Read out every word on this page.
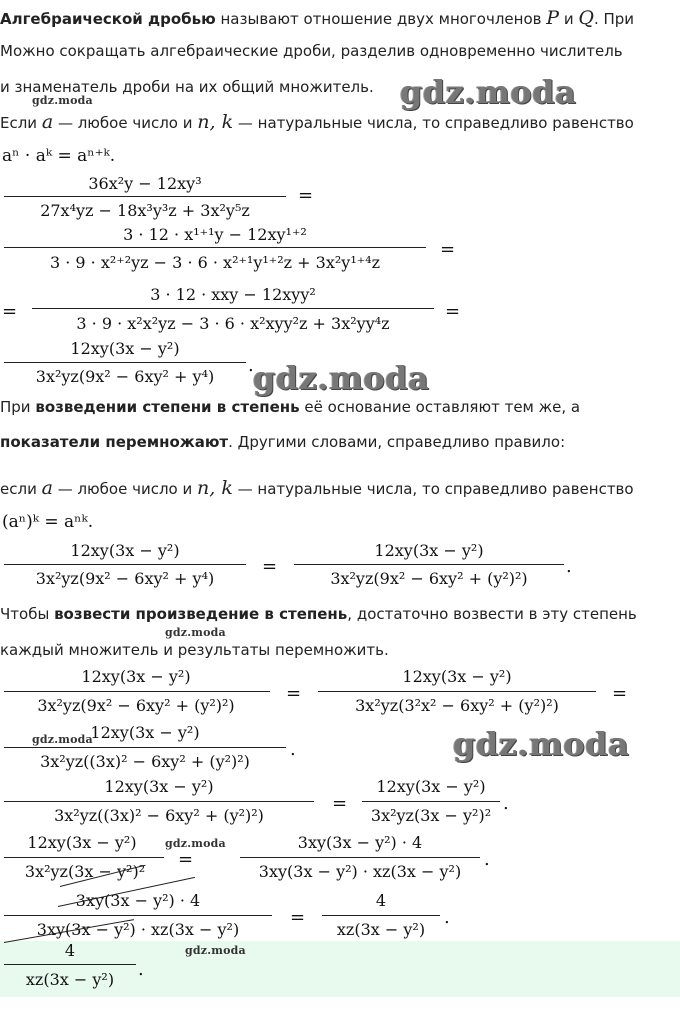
Алгебраической дробью называют отношение двух многочленов P и Q. При
Можно сокращать алгебраические дроби, разделив одновременно числитель
и знаменатель дроби на их общий множитель.
gdz.moda	gdz.moda
Если a — любое число и n, k — натуральные числа, то справедливо равенство
aⁿ · aᵏ = aⁿ⁺ᵏ.
36x²y − 12xy³
27x⁴yz − 18x³y³z + 3x²y⁵z
=
3 · 12 · x¹⁺¹y − 12xy¹⁺²
3 · 9 · x²⁺²yz − 3 · 6 · x²⁺¹y¹⁺²z + 3x²y¹⁺⁴z
=
=
3 · 12 · xxy − 12xyy²
3 · 9 · x²x²yz − 3 · 6 · x²xyy²z + 3x²yy⁴z
=
12xy(3x − y²)
3x²yz(9x² − 6xy² + y⁴)
. gdz.moda
При возведении степени в степень её основание оставляют тем же, а
показатели перемножают. Другими словами, справедливо правило:
если a — любое число и n, k — натуральные числа, то справедливо равенство
(aⁿ)ᵏ = aⁿᵏ.
12xy(3x − y²)
3x²yz(9x² − 6xy² + y⁴)
=
12xy(3x − y²)
3x²yz(9x² − 6xy² + (y²)²)
.
Чтобы возвести произведение в степень, достаточно возвести в эту степень
gdz.moda
каждый множитель и результаты перемножить.
12xy(3x − y²)
3x²yz(9x² − 6xy² + (y²)²)
=
12xy(3x − y²)
3x²yz(3²x² − 6xy² + (y²)²)
=
12xy(3x − y²)
3x²yz((3x)² − 6xy² + (y²)²)
.
gdz.moda	gdz.moda
12xy(3x − y²)
3x²yz((3x)² − 6xy² + (y²)²)
=
12xy(3x − y²)
3x²yz(3x − y²)²
.
12xy(3x − y²)
3x²yz(3x − y²)²
gdz.moda
=
3xy(3x − y²) · 4
3xy(3x − y²) · xz(3x − y²)
.
3xy(3x − y²) · 4
3xy(3x − y²) · xz(3x − y²)
=
4
xz(3x − y²)
.
gdz.moda
4
xz(3x − y²)	.
